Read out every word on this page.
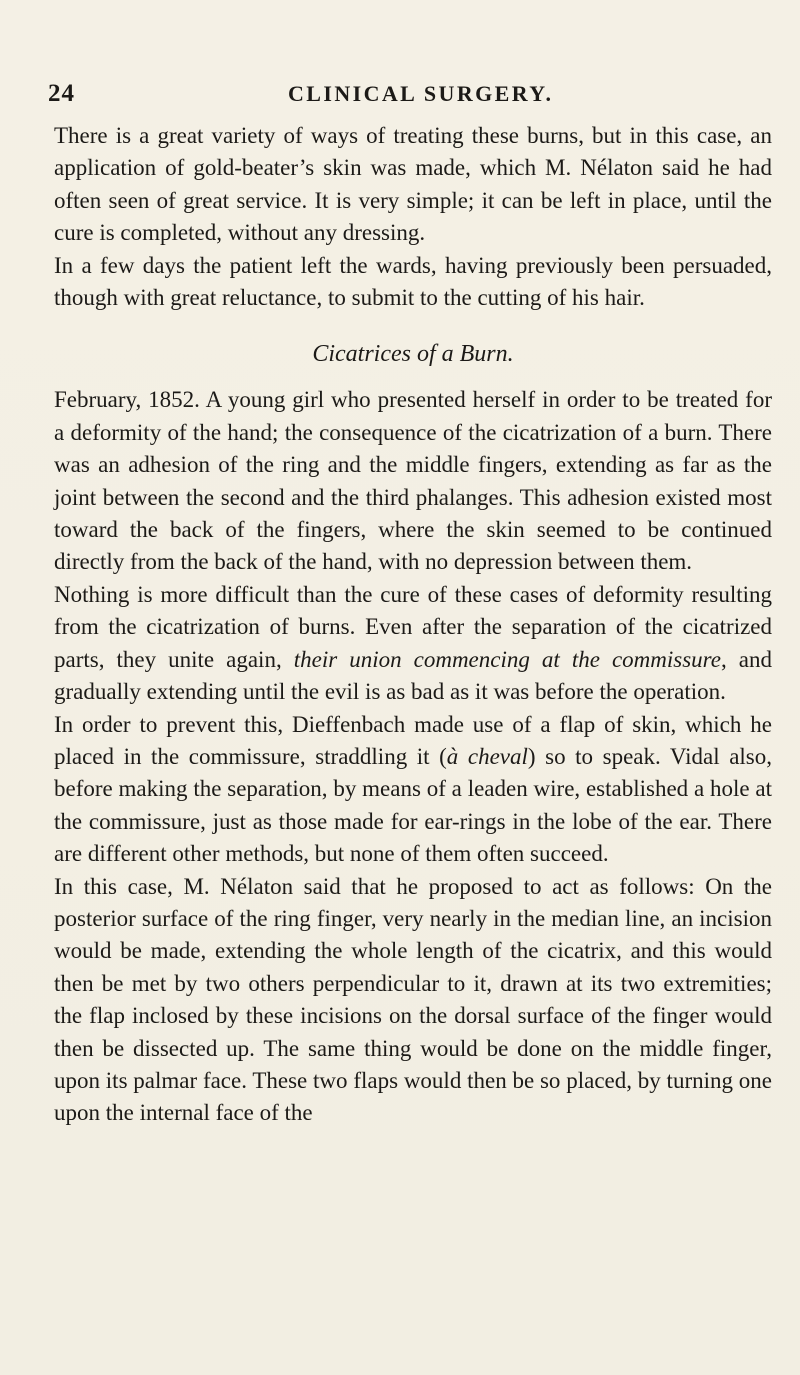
24	CLINICAL SURGERY.

There is a great variety of ways of treating these burns, but in this case, an application of gold-beater’s skin was made, which M. Nélaton said he had often seen of great service. It is very simple; it can be left in place, until the cure is completed, without any dressing.

In a few days the patient left the wards, having previously been persuaded, though with great reluctance, to submit to the cutting of his hair.

Cicatrices of a Burn.

February, 1852. A young girl who presented herself in order to be treated for a deformity of the hand; the consequence of the cicatrization of a burn. There was an adhesion of the ring and the middle fingers, extending as far as the joint between the second and the third phalanges. This adhesion existed most toward the back of the fingers, where the skin seemed to be continued directly from the back of the hand, with no depression between them.

Nothing is more difficult than the cure of these cases of deformity resulting from the cicatrization of burns. Even after the separation of the cicatrized parts, they unite again, their union commencing at the commissure, and gradually extending until the evil is as bad as it was before the operation.

In order to prevent this, Dieffenbach made use of a flap of skin, which he placed in the commissure, straddling it (à cheval) so to speak. Vidal also, before making the separation, by means of a leaden wire, established a hole at the commissure, just as those made for ear-rings in the lobe of the ear. There are different other methods, but none of them often succeed.

In this case, M. Nélaton said that he proposed to act as follows: On the posterior surface of the ring finger, very nearly in the median line, an incision would be made, extending the whole length of the cicatrix, and this would then be met by two others perpendicular to it, drawn at its two extremities; the flap inclosed by these incisions on the dorsal surface of the finger would then be dissected up. The same thing would be done on the middle finger, upon its palmar face. These two flaps would then be so placed, by turning one upon the internal face of the
